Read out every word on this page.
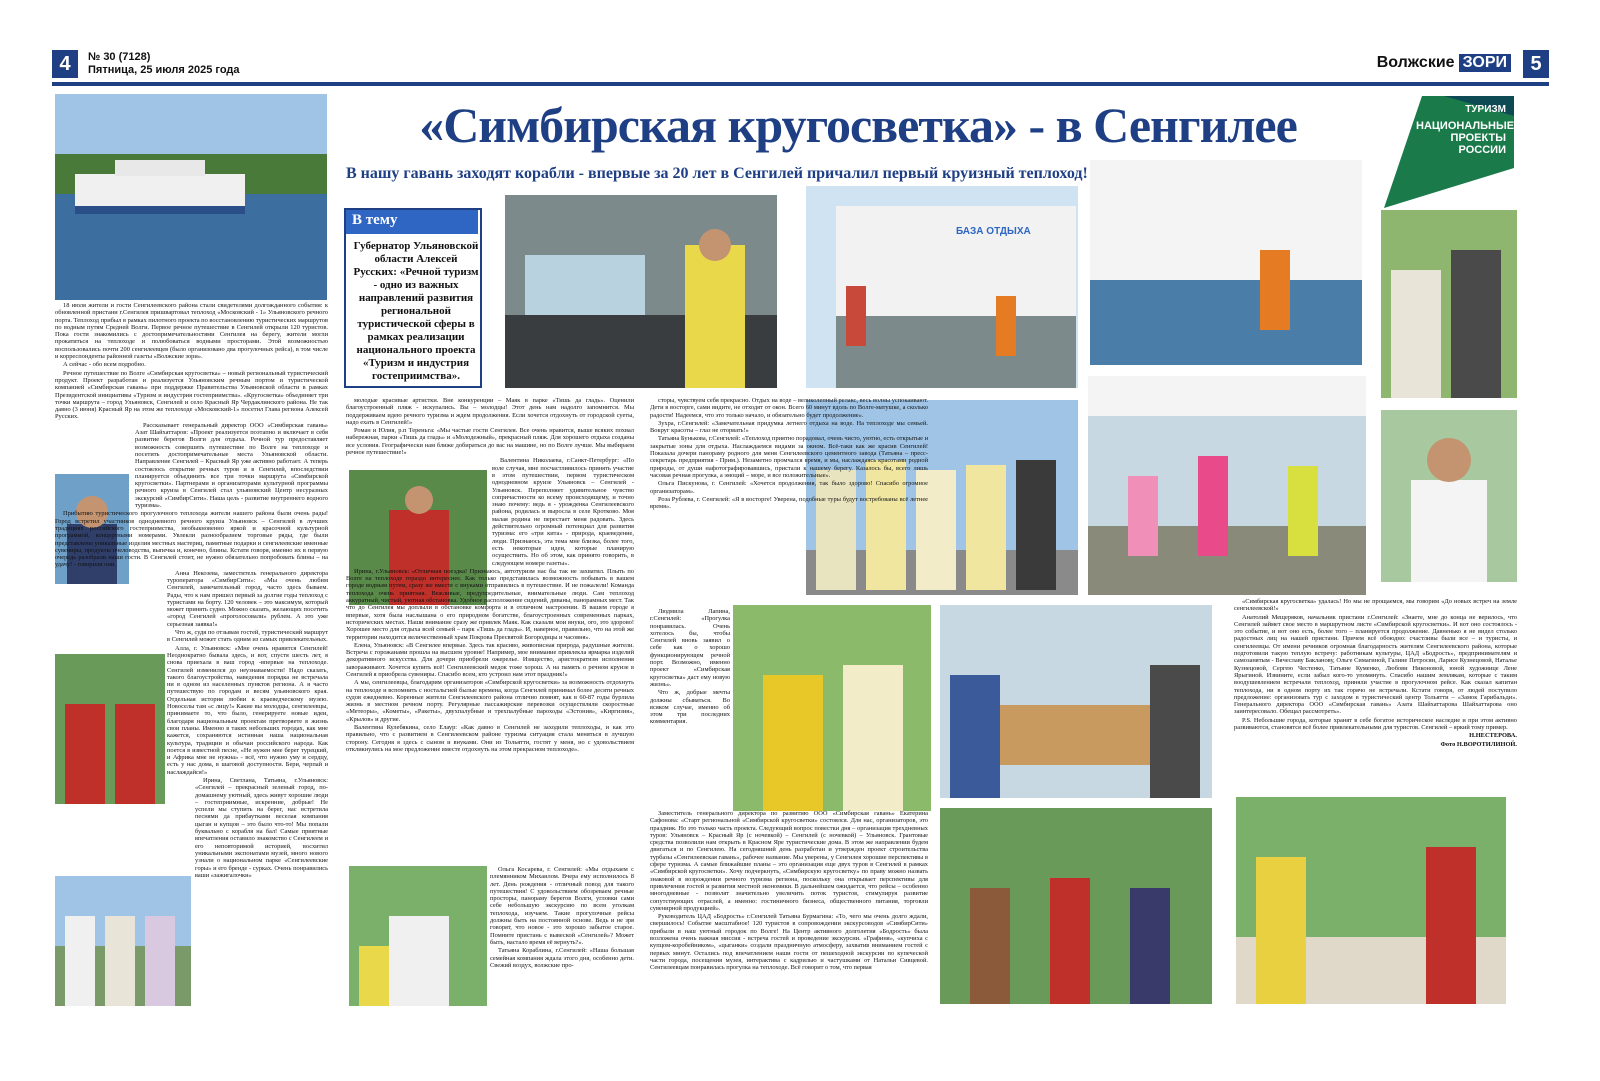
4	№ 30 (7128)
Пятница, 25 июля 2025 года	Волжские ЗОРИ	5
«Симбирская кругосветка» - в Сенгилее
В нашу гавань заходят корабли - впервые за 20 лет в Сенгилей причалил первый круизный теплоход!
ТУРИЗМ
НАЦИОНАЛЬНЫЕ ПРОЕКТЫ РОССИИ
БАЗА ОТДЫХА
В тему
Губернатор Ульяновской области Алексей Русских: «Речной туризм - одно из важных направлений развития региональной туристической сферы в рамках реализации национального проекта «Туризм и индустрия гостеприимства».

18 июля жители и гости Сенгилеевского района стали свидетелями долгожданного события: к обновленной пристани г.Сенгилея пришвартовал теплоход «Московский - 1» Ульяновского речного порта. Теплоход прибыл в рамках пилотного проекта по восстановлению туристических маршрутов по водным путям Средней Волги. Первое речное путешествие в Сенгилей открыли 120 туристов. Пока гости знакомились с достопримечательностями Сенгилея на берегу, жители могли прокатиться на теплоходе и полюбоваться водными просторами. Этой возможностью воспользовались почти 200 сенгилеевцев (было организовано два прогулочных рейса), в том числе и корреспонденты районной газеты «Волжские зори».

А сейчас - обо всем подробно.

Речное путешествие по Волге «Симбирская кругосветка» – новый региональный туристический продукт. Проект разработан и реализуется Ульяновским речным портом и туристической компанией «Симбирская гавань» при поддержке Правительства Ульяновской области в рамках Президентской инициативы «Туризм и индустрия гостеприимства». «Кругосветка» объединяет три точки маршрута – город Ульяновск, Сенгилей и село Красный Яр Чердаклинского района. Не так давно (3 июня) Красный Яр на этом же теплоходе «Московский-1» посетил Глава региона Алексей Русских.

Рассказывает генеральный директор ООО «Симбирская гавань» Азат Шайхаттаров: «Проект реализуется поэтапно и включает в себя развитие берегов Волги для отдыха. Речной тур предоставляет возможность совершить путешествие по Волге на теплоходе и посетить достопримечательные места Ульяновской области. Направление Сенгилей – Красный Яр уже активно работает. А теперь состоялось открытие речных туров и в Сенгилей, впоследствии планируется объединить все три точки маршрута «Симбирской кругосветки». Партнерами и организаторами культурной программы речного круиза в Сенгилей стал ульяновский Центр несуразных экскурсий «СимбирСити». Наша цель - развитие внутреннего водного туризма».

Прибытию туристического прогулочного теплохода жители нашего района были очень рады! Город встретил участников однодневного речного круиза Ульяновск – Сенгилей в лучших традициях российского гостеприимства, необыкновенно яркой и красочной культурной программой, концертными номерами. Увлекли разнообразием торговые ряды, где были представлены уникальные изделия местных мастериц, памятные подарки и сенгилеевские именные сувениры, продукты пчеловодства, выпечка и, конечно, блины. Кстати говоря, именно их в первую очередь разобрали наши гости. В Сенгилей стоит, не нужно обязательно попробовать блины – на удачу! - говорили они.

Анна Некозева, заместитель генерального директора туроператора «СимбирСити»: «Мы очень любим Сенгилей, замечательный город, часто здесь бываем. Рады, что к нам пришел первый за долгие годы теплоход с туристами на борту. 120 человек – это максимум, который может принять судно. Можно сказать, желающих посетить «город Сенгилей «проголосовали» рублем. А это уже серьезная заявка!»

Что ж, судя по отзывам гостей, туристический маршрут в Сенгилей может стать одним из самых привлекательных.

Алла, г. Ульяновск: «Мне очень нравится Сенгилей! Неоднократно бывала здесь, и вот, спустя шесть лет, я снова приехала в ваш город -впервые на теплоходе. Сенгилей изменился до неузнаваемости! Надо сказать, такого благоустройства, наведения порядка не встречала ни в одном из населенных пунктов региона. А я часто путешествую по городам и весям ульяновского края. Отдельная история любви к краеведческому музею. Новоселы там «с лицу!» Какие вы молодцы, сенгилеевцы, принимаете то, что было, генерируете новые идеи, благодаря национальным проектам претворяете в жизнь свои планы. Именно в таких небольших городах, как мне кажется, сохраняются истинная наша национальная культура, традиции и обычаи российского народа. Как поется в известной песне, «Не нужен мне берег турецкий, и Африка мне не нужна» - всё, что нужно уму и сердцу, есть у нас дома, в шаговой доступности. Бери, черпай и наслаждайся!»

Ирина, Светлана, Татьяна, г.Ульяновск: «Сенгилей – прекрасный зеленый город, по-домашнему уютный, здесь живут хорошие люди – гостеприимные, искренние, добрые! Не успели мы ступить на берег, нас встретила песнями да прибаутками веселая компания цыган и купцов – это было что-то! Мы попали буквально с корабля на бал! Самые приятные впечатления оставило знакомство с Сенгилеем и его неповторимой историей, восхитил уникальными экспонатами музей, много нового узнали о национальном парке «Сенгилеевские горы» и его бренде - сурках. Очень понравились ваши «зажигалочки»

молодые красивые артистки. Вне конкуренции – Маяк в парке «Тишь да гладь». Оценили благоустроенный пляж - искупались. Вы – молодцы! Этот день нам надолго запомнится. Мы поддерживаем идею речного туризма и ждем продолжения. Если хочется отдохнуть от городской суеты, надо ехать в Сенгилей!»

Роман и Юлия, р.п Тереньга: «Мы частые гости Сенгилея. Все очень нравится, выше всяких похвал набережная, парки «Тишь да гладь» и «Молодежный», прекрасный пляж. Для хорошего отдыха созданы все условия. Географически нам ближе добираться до вас на машине, но по Волге лучше. Мы выбираем речное путешествие!»

Валентина Николаева, г.Санкт-Петербург: «По воле случая, мне посчастливилось принять участие в этом путешествии, первом туристическом однодневном круизе Ульяновск – Сенгилей - Ульяновск. Переполняет удивительное чувство сопричастности ко всему происходящему, и точно знаю почему: ведь я - урожденка Сенгилеевского района, родилась и выросла в селе Кротково. Моя малая родина не перестает меня радовать. Здесь действительно огромный потенциал для развития туризма: его «три кита» - природа, краеведение, люди. Признаюсь, эта тема мне близка, более того, есть некоторые идеи, которые планирую осуществить. Но об этом, как принято говорить, в следующем номере газеты».

Ирина, г.Ульяновск: «Отличная поездка! Признаюсь, автотуризм нас бы так не захватил. Плыть по Волге на теплоходе гораздо интереснее. Как только представилась возможность побывать в вашем городе водным путем, сразу же вместе с внуками отправились в путешествие. И не пожалели! Команда теплохода очень приятная. Вежливые, предупредительные, внимательные люди. Сам теплоход аккуратный, чистый, уютная обстановка. Удобное расположение сидений, диваны, панорамных мест. Так что до Сенгилея мы доплыли в обстановке комфорта и в отличном настроении. В вашем городе я впервые, хотя была наслышана о его природном богатстве, благоустроенных современных парках, исторических местах. Наши внимание сразу же привлек Маяк. Как сказали мои внуки, ого, это здорово! Хорошее место для отдыха всей семьей – парк «Тишь да гладь». И, наверное, правильно, что на этой же территории находится величественный храм Покрова Пресвятой Богородицы и часовня».

Елена, Ульяновск: «В Сенгилее впервые. Здесь так красиво, живописная природа, радушные жители. Встреча с горожанами прошла на высшем уровне! Например, мое внимание привлекла ярмарка изделий декоративного искусства. Для дочери приобрели ожерелье. Изящество, аристократизм исполнения завораживают. Хочется купить всё! Сенгилеевский медок тоже хорош. А на память о речном круизе в Сенгилей я приобрела сувениры. Спасибо всем, кто устроил нам этот праздник!»

А мы, сенгилеевцы, благодарим организаторов «Симбирской кругосветки» за возможность отдохнуть на теплоходе и вспомнить с ностальгией былые времена, когда Сенгилей принимал более десяти речных судов ежедневно. Коренные жители Сенгилеевского района отлично помнят, как в 60-87 годы бурлила жизнь в местном речном порту. Регулярные пассажирские перевозки осуществляли скоростные «Метеоры», «Кометы», «Ракеты», двухпалубные и трехпалубные пароходы «Эстония», «Киргизия», «Крылов» и другие.

Валентина Кулебякина, село Елаур: «Как давно в Сенгилей не заходили теплоходы, и как это правильно, что с развитием в Сенгилеевском районе туризма ситуация стала меняться в лучшую сторону. Сегодня я здесь с сыном и внуками. Они из Тольятти, гостят у меня, но с удовольствием откликнулись на мое предложение вместе отдохнуть на этом прекрасном теплоходе».

Ольга Косарева, г. Сенгилей: «Мы отдыхаем с племянником Михаилом. Вчера ему исполнилось 8 лет. День рождения - отличный повод для такого путешествия! С удовольствием обозреваем речные просторы, панораму берегов Волги, угловки сами себе небольшую экскурсию по всем уголкам теплохода, изучаем. Такие прогулочные рейсы должны быть на постоянной основе. Ведь и не зря говорят, что новое - это хорошо забытое старое. Помните пристань с вывеской «Сенгилей»? Может быть, настало время её вернуть?».

Татьяна Кораблина, г.Сенгилей: «Наша большая семейная компания ждала этого дня, особенно дети. Свежий воздух, волжские про-

сторы, чувствуем себя прекрасно. Отдых на воде – великолепный релакс, весь волны успокаивают. Дети в восторге, сами видите, не отходят от окон. Всего 60 минут вдоль по Волге-матушке, а сколько радости! Надеемся, что это только начало, и обязательно будет продолжение».

Зухра, г.Сенгилей: «Замечательная придумка летнего отдыха на воде. На теплоходе мы семьей. Вокруг красоты – глаз не оторвать!»

Татьяна Бунькова, г.Сенгилей: «Теплоход приятно порадовал, очень чисто, уютно, есть открытые и закрытые зоны для отдыха. Наслаждаемся видами за окном. Всё-таки как же красив Сенгилей! Показала дочери панораму родного для меня Сенгилеевского цементного завода (Татьяна – пресс-секретарь предприятия - Прим.). Незаметно промчался время, и мы, наслаждаясь красотами родной природы, от души нафотографировавшись, пристали к нашему берегу. Казалось бы, всего лишь часовая речная прогулка, а эмоций – море, и все положительные».

Ольга Пискунова, г. Сенгилей: «Хочется продолжения, так было здорово! Спасибо огромное организаторам».

Роза Рублева, г. Сенгилей: «Я в восторге! Уверена, подобные туры будут востребованы всё летнее время».

Людмила Лапина, г.Сенгилей: «Прогулка понравилась. Очень хотелось бы, чтобы Сенгилей вновь заявил о себе как о хорошо функционирующем речной порт. Возможно, именно проект «Симбирская кругосветка» даст ему новую жизнь».

Что ж, добрые мечты должны сбываться. Во всяком случае, именно об этом три последних комментария.

Заместитель генерального директора по развитию ООО «Симбирская гавань» Екатерина Сафонова: «Старт региональной «Симбирской кругосветки» состоялся. Для нас, организаторов, это праздник. Но это только часть проекта. Следующий вопрос повестки дня – организация трехдневных туров: Ульяновск – Красный Яр (с ночевкой) – Сенгилей (с ночевкой) – Ульяновск. Грантовые средства позволили нам открыть в Красном Яре туристические дома. В этом же направлении будем двигаться и по Сенгилею. На сегодняшний день разработан и утвержден проект строительства турбазы «Сенгилеевская гавань», рабочее название. Мы уверены, у Сенгилея хорошие перспективы в сфере туризма. А самые ближайшие планы – это организация еще двух туров в Сенгилей в рамках «Симбирской кругосветки». Хочу подчеркнуть, «Симбирскую кругосветку» по праву можно назвать знаковой в возрождении речного туризма региона, поскольку она открывает перспективы для привлечения гостей и развития местной экономики. В дальнейшем ожидается, что рейсы – особенно многодневные - позволят значительно увеличить поток туристов, стимулируя развитие сопутствующих отраслей, а именно: гостиничного бизнеса, общественного питания, торговли сувенирной продукцией».

Руководитель ЦАД «Бодрость» г.Сенгилей Татьяна Бурмагина: «То, чего мы очень долго ждали, свершилось! Событие масштабное! 120 туристов в сопровождении экскурсоводов «СимбирСити» прибыли в наш уютный городок по Волге! На Центр активного долголетия «Бодрость» была возложена очень важная миссия - встреча гостей и проведение экскурсии. «Графиня», «купчиха с купцом-коробейником», «цыганки» создали праздничную атмосферу, захватив вниманием гостей с первых минут. Остались под впечатлением наши гости от пешеходной экскурсии по купеческой части города, посещения музея, интерактива с кадрилью и частушками от Натальи Сивцевой. Сенгилеевцам понравилась прогулка на теплоходе. Всё говорит о том, что первая

«Симбирская кругосветка» удалась! Но мы не прощаемся, мы говорим «До новых встреч на земле сенгилеевской!»

Анатолий Мещеряков, начальник пристани г.Сенгилей: «Знаете, мне до конца не верилось, что Сенгилей займет свое место в маршрутном листе «Симбирской кругосветки». И вот оно состоялось - это событие, и вот оно есть, более того – планируется продолжение. Давненько я не видел столько радостных лиц на нашей пристани. Причем всё обоюдно: счастливы были все – и туристы, и сенгилеевцы. От имени речников огромная благодарность жителям Сенгилеевского района, которые подготовили такую теплую встречу: работникам культуры, ЦАД «Бодрость», предпринимателям и самозанятым - Вячеславу Бакланову, Ольге Симагиной, Галине Петросян, Ларисе Кузнецовой, Наталье Кузнецовой, Сергею Честенко, Татьяне Куменко, Любови Никоновой, юной художнице Лене Ярыгиной. Извините, если забыл кого-то упомянуть. Спасибо нашим землякам, которые с таким воодушевлением встречали теплоход, приняли участие в прогулочном рейсе. Как сказал капитан теплохода, ни в одном порту их так горячо не встречали. Кстати говоря, от людей поступило предложение: организовать тур с заходом в туристический центр Тольятти – «Замок Гарибальди». Генерального директора ООО «Симбирская гавань» Азата Шайхаттарова Шайхаттарова оно заинтересовало. Обещал рассмотреть».

P.S. Небольшие города, которые хранят в себе богатое историческое наследие и при этом активно развиваются, становятся всё более привлекательными для туристов. Сенгилей – яркий тому пример.

Н.НЕСТЕРОВА.

Фото Н.ВОРОТИЛИНОЙ.
